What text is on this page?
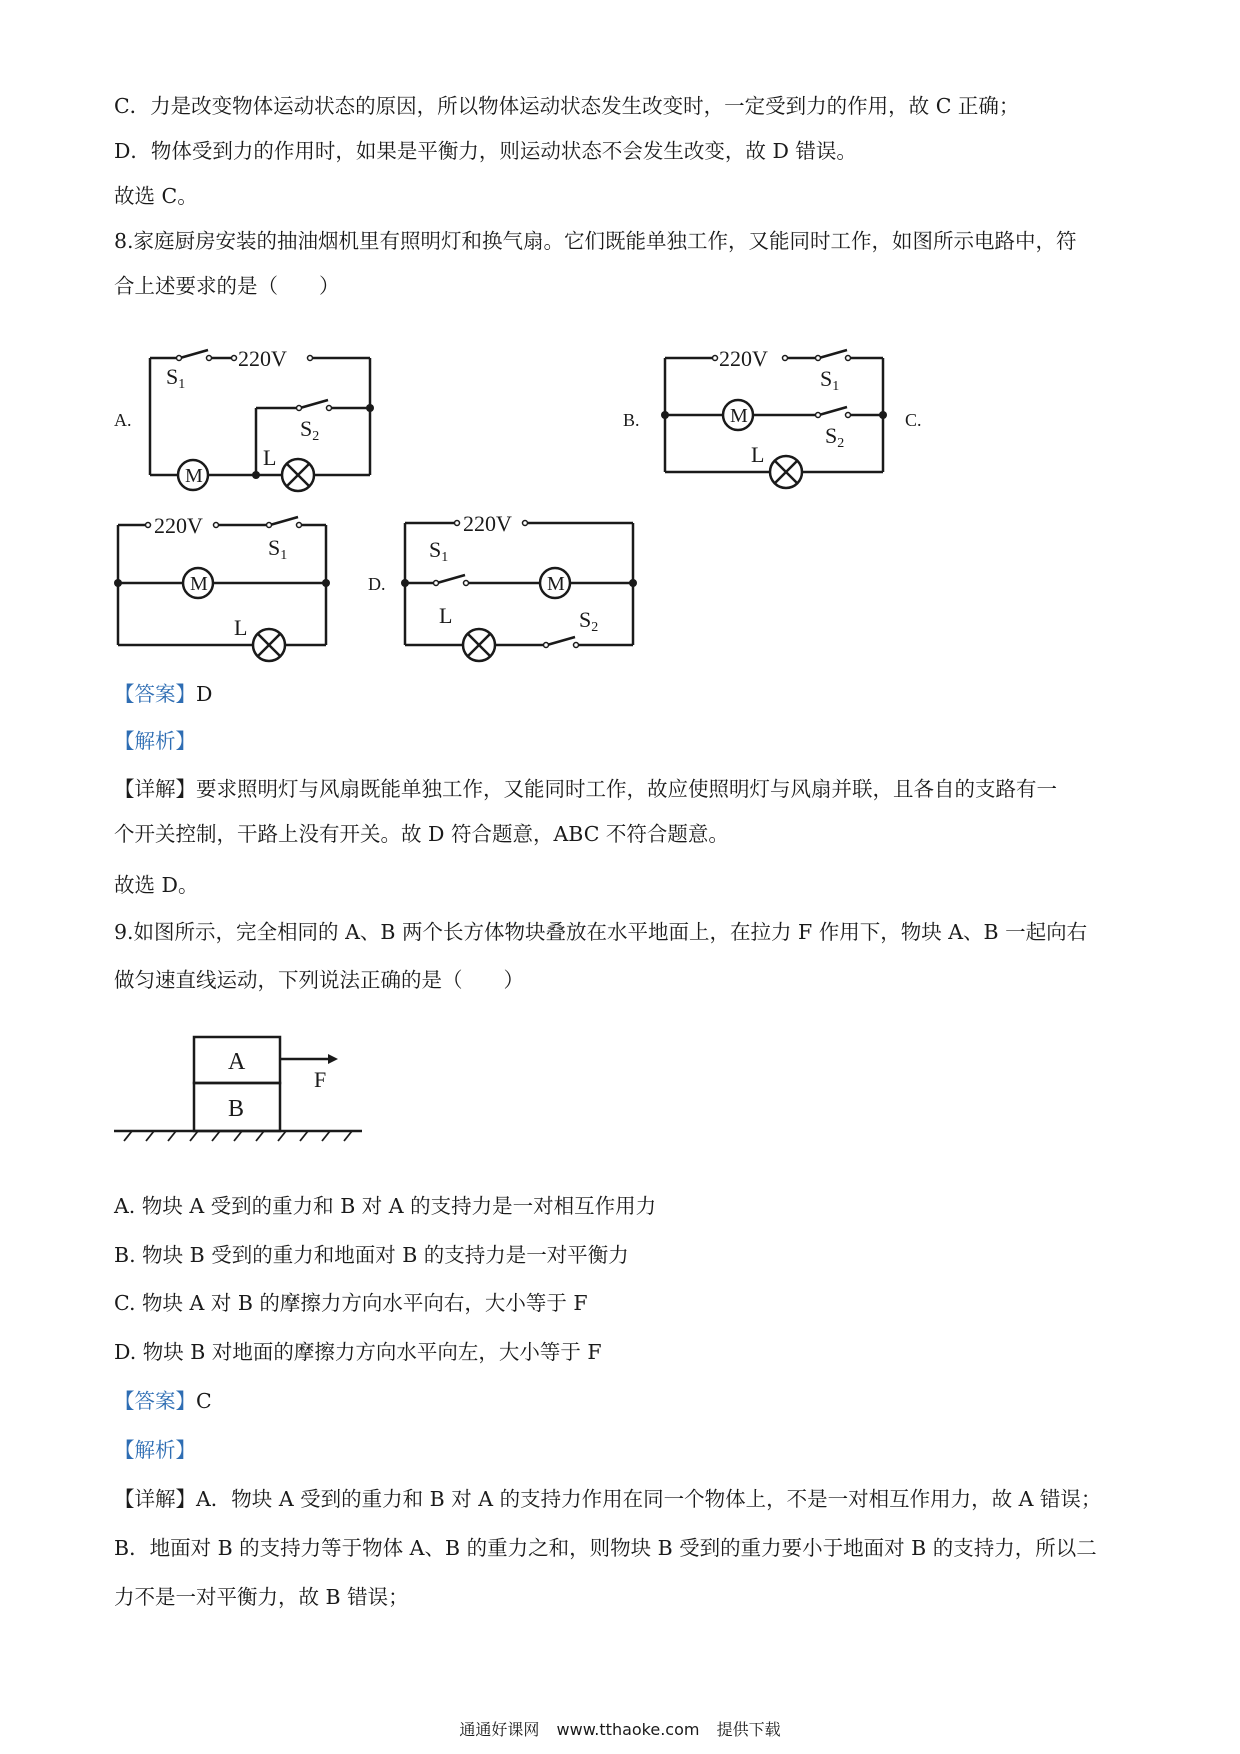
C．力是改变物体运动状态的原因，所以物体运动状态发生改变时，一定受到力的作用，故 C 正确；
D．物体受到力的作用时，如果是平衡力，则运动状态不会发生改变，故 D 错误。
故选 C。
8.家庭厨房安装的抽油烟机里有照明灯和换气扇。它们既能单独工作，又能同时工作，如图所示电路中，符
合上述要求的是（　　）
A.	B.	C.
D.
S1
220V
S2
L
M
220V
S1
M
S2
L
220V
S1
M
L
220V
S1
M
L	S2
【答案】D
【解析】
【详解】要求照明灯与风扇既能单独工作，又能同时工作，故应使照明灯与风扇并联，且各自的支路有一
个开关控制，干路上没有开关。故 D 符合题意，ABC 不符合题意。
故选 D。
9.如图所示，完全相同的 A、B 两个长方体物块叠放在水平地面上，在拉力 F 作用下，物块 A、B 一起向右
做匀速直线运动，下列说法正确的是（　　）
A
B
F
A. 物块 A 受到的重力和 B 对 A 的支持力是一对相互作用力
B. 物块 B 受到的重力和地面对 B 的支持力是一对平衡力
C. 物块 A 对 B 的摩擦力方向水平向右，大小等于 F
D. 物块 B 对地面的摩擦力方向水平向左，大小等于 F
【答案】C
【解析】
【详解】A．物块 A 受到的重力和 B 对 A 的支持力作用在同一个物体上，不是一对相互作用力，故 A 错误；
B．地面对 B 的支持力等于物体 A、B 的重力之和，则物块 B 受到的重力要小于地面对 B 的支持力，所以二
力不是一对平衡力，故 B 错误；
通通好课网 www.tthaoke.com 提供下载
